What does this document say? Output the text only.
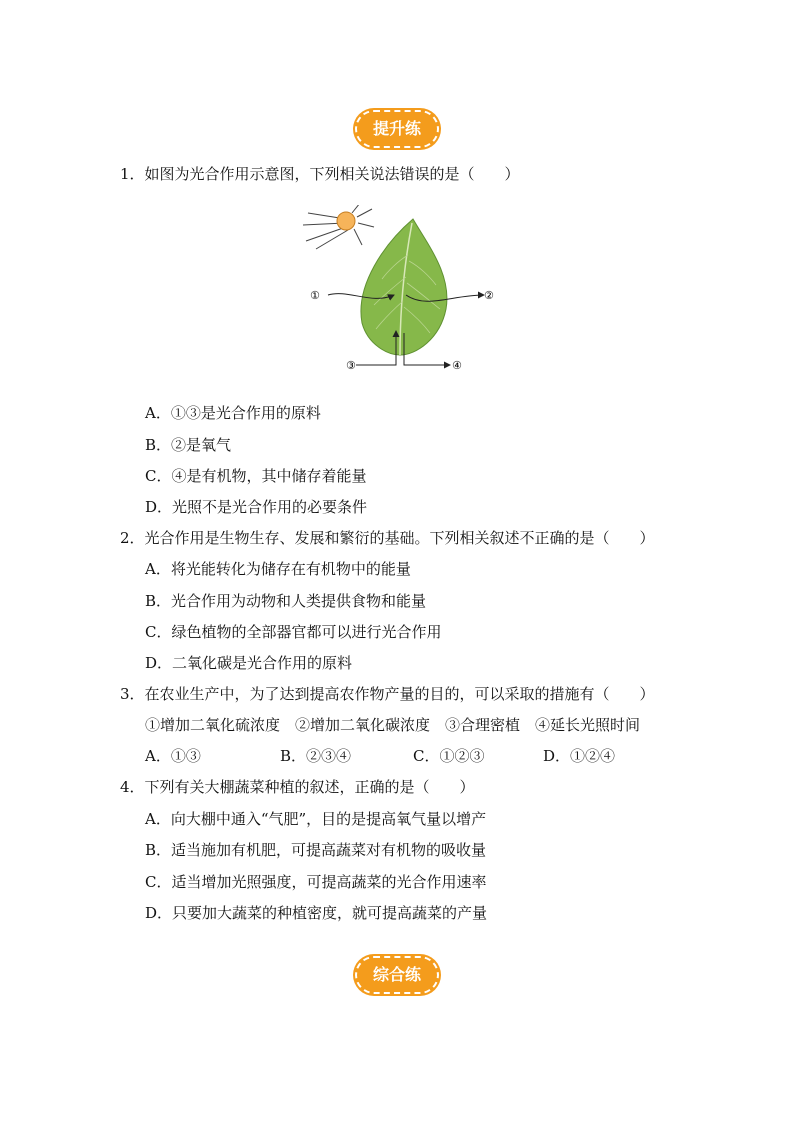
提升练
1．如图为光合作用示意图，下列相关说法错误的是（　　）
①	②
③	④
A．①③是光合作用的原料
B．②是氧气
C．④是有机物，其中储存着能量
D．光照不是光合作用的必要条件
2．光合作用是生物生存、发展和繁衍的基础。下列相关叙述不正确的是（　　）
A．将光能转化为储存在有机物中的能量
B．光合作用为动物和人类提供食物和能量
C．绿色植物的全部器官都可以进行光合作用
D．二氧化碳是光合作用的原料
3．在农业生产中，为了达到提高农作物产量的目的，可以采取的措施有（　　）
①增加二氧化硫浓度　②增加二氧化碳浓度　③合理密植　④延长光照时间
A．①③	B．②③④	C．①②③	D．①②④
4．下列有关大棚蔬菜种植的叙述，正确的是（　　）
A．向大棚中通入“气肥”，目的是提高氧气量以增产
B．适当施加有机肥，可提高蔬菜对有机物的吸收量
C．适当增加光照强度，可提高蔬菜的光合作用速率
D．只要加大蔬菜的种植密度，就可提高蔬菜的产量
综合练
